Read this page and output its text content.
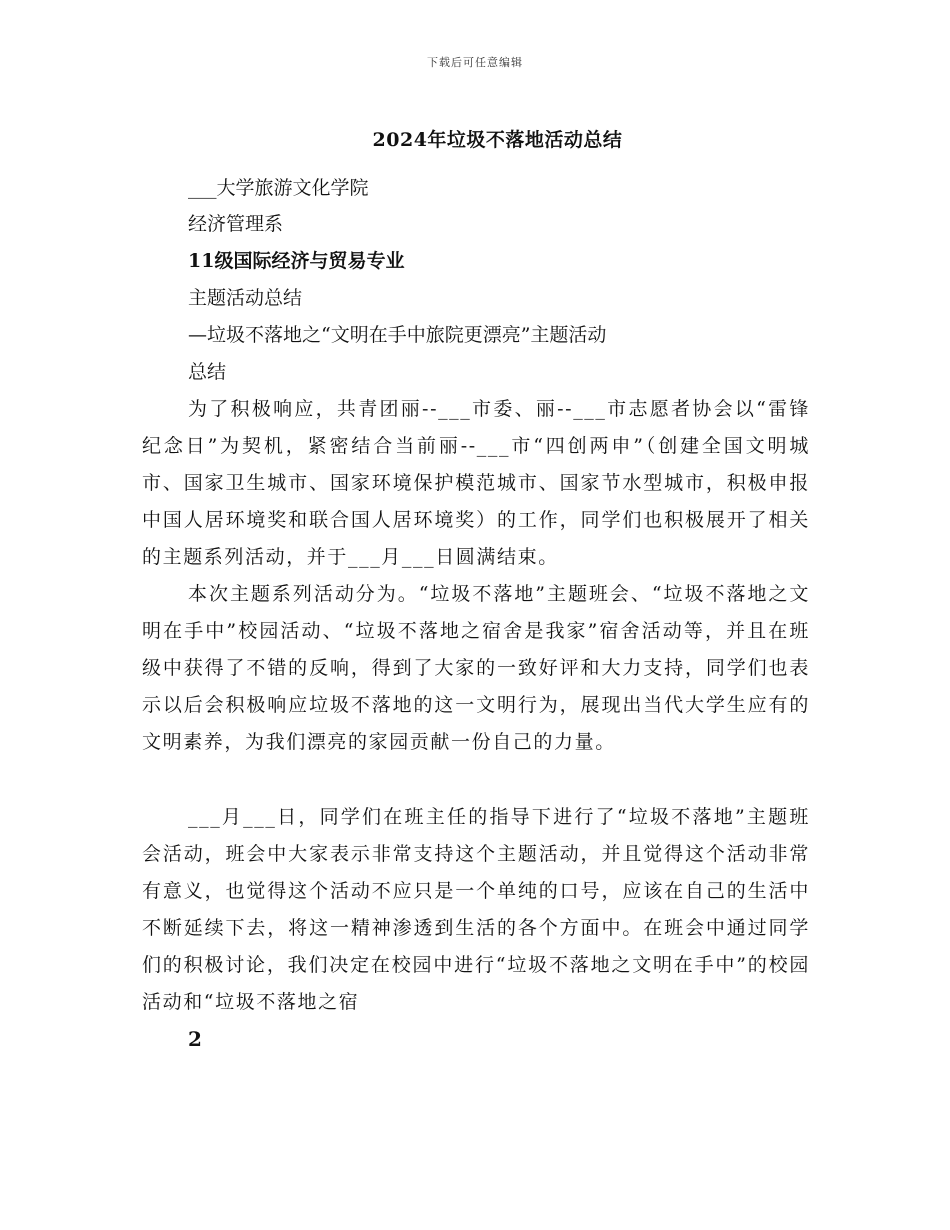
下载后可任意编辑
2024年垃圾不落地活动总结
___大学旅游文化学院
经济管理系
11级国际经济与贸易专业
主题活动总结
—垃圾不落地之“文明在手中旅院更漂亮”主题活动
总结
为了积极响应，共青团丽--___市委、丽--___市志愿者协会以“雷锋纪念日”为契机，紧密结合当前丽--___市“四创两申”（创建全国文明城市、国家卫生城市、国家环境保护模范城市、国家节水型城市，积极申报中国人居环境奖和联合国人居环境奖）的工作，同学们也积极展开了相关的主题系列活动，并于___月___日圆满结束。
本次主题系列活动分为。“垃圾不落地”主题班会、“垃圾不落地之文明在手中”校园活动、“垃圾不落地之宿舍是我家”宿舍活动等，并且在班级中获得了不错的反响，得到了大家的一致好评和大力支持，同学们也表示以后会积极响应垃圾不落地的这一文明行为，展现出当代大学生应有的文明素养，为我们漂亮的家园贡献一份自己的力量。
___月___日，同学们在班主任的指导下进行了“垃圾不落地”主题班会活动，班会中大家表示非常支持这个主题活动，并且觉得这个活动非常有意义，也觉得这个活动不应只是一个单纯的口号，应该在自己的生活中不断延续下去，将这一精神渗透到生活的各个方面中。在班会中通过同学们的积极讨论，我们决定在校园中进行“垃圾不落地之文明在手中”的校园活动和“垃圾不落地之宿
2
